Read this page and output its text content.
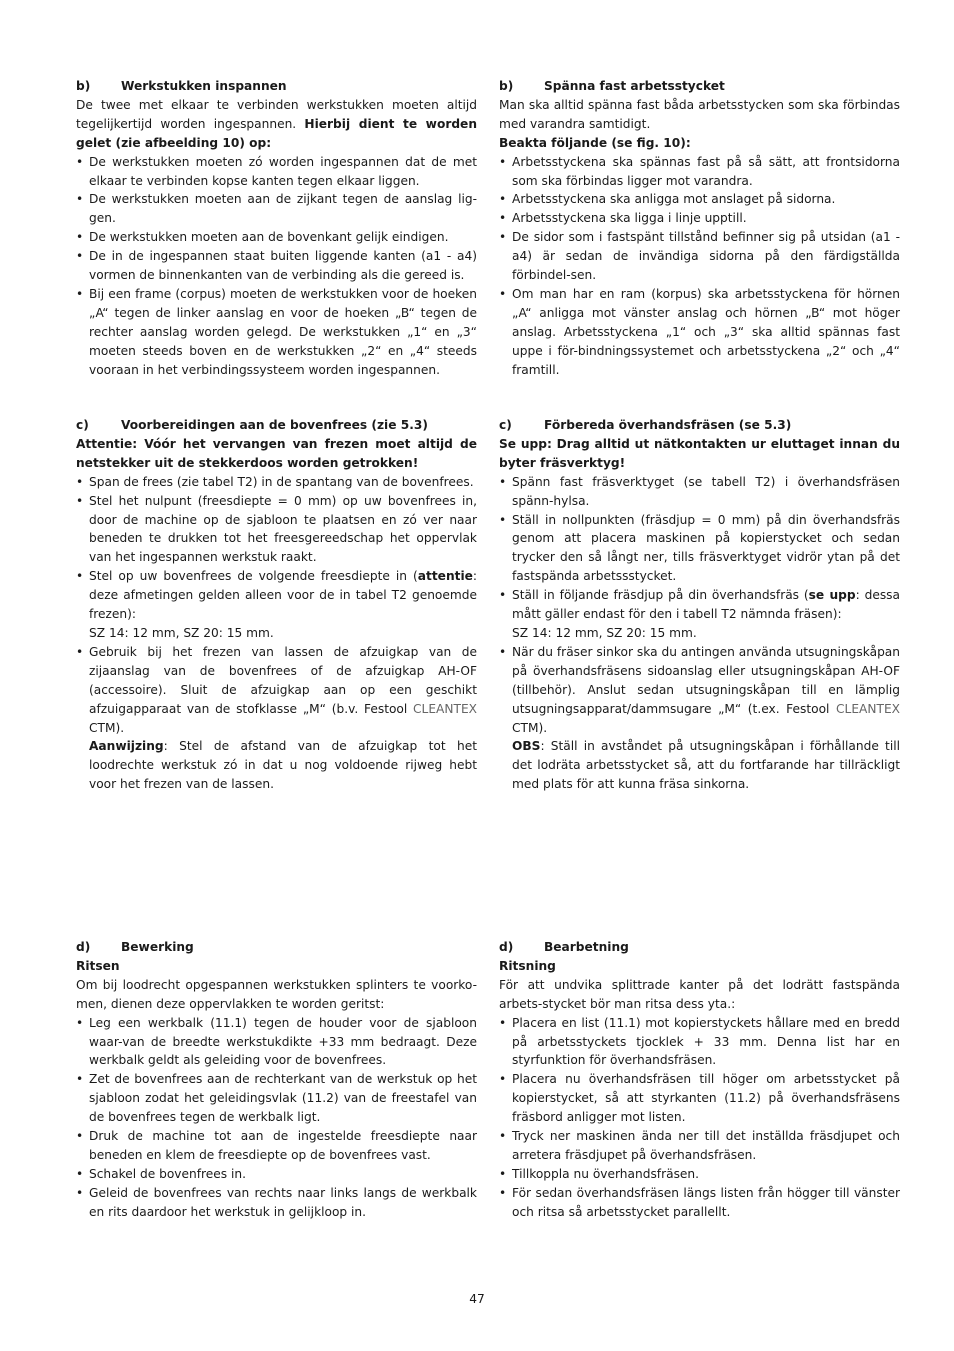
b)	Werkstukken inspannen

De twee met elkaar te verbinden werkstukken moeten altijd tegelijkertijd worden ingespannen. Hierbij dient te worden gelet (zie afbeelding 10) op:

• De werkstukken moeten zó worden ingespannen dat de met elkaar te verbinden kopse kanten tegen elkaar liggen.
• De werkstukken moeten aan de zijkant tegen de aanslag lig-gen.
• De werkstukken moeten aan de bovenkant gelijk eindigen.
• De in de ingespannen staat buiten liggende kanten (a1 - a4) vormen de binnenkanten van de verbinding als die gereed is.
• Bij een frame (corpus) moeten de werkstukken voor de hoeken „A“ tegen de linker aanslag en voor de hoeken „B“ tegen de rechter aanslag worden gelegd. De werkstukken „1“ en „3“ moeten steeds boven en de werkstukken „2“ en „4“ steeds vooraan in het verbindingssysteem worden ingespannen.

b)	Spänna fast arbetsstycket

Man ska alltid spänna fast båda arbetsstycken som ska förbindas med varandra samtidigt.

Beakta följande (se fig. 10):

• Arbetsstyckena ska spännas fast på så sätt, att frontsidorna som ska förbindas ligger mot varandra.
• Arbetsstyckena ska anligga mot anslaget på sidorna.
• Arbetsstyckena ska ligga i linje upptill.
• De sidor som i fastspänt tillstånd befinner sig på utsidan (a1 - a4) är sedan de invändiga sidorna på den färdigställda förbindel-sen.
• Om man har en ram (korpus) ska arbetsstyckena för hörnen „A“ anligga mot vänster anslag och hörnen „B“ mot höger anslag. Arbetsstyckena „1“ och „3“ ska alltid spännas fast uppe i för-bindningssystemet och arbetsstyckena „2“ och „4“ framtill.

c)	Voorbereidingen aan de bovenfrees (zie 5.3)

Attentie: Vóór het vervangen van frezen moet altijd de netstekker uit de stekkerdoos worden getrokken!

• Span de frees (zie tabel T2) in de spantang van de bovenfrees.
• Stel het nulpunt (freesdiepte = 0 mm) op uw bovenfrees in, door de machine op de sjabloon te plaatsen en zó ver naar beneden te drukken tot het freesgereedschap het oppervlak van het ingespannen werkstuk raakt.
• Stel op uw bovenfrees de volgende freesdiepte in (attentie: deze afmetingen gelden alleen voor de in tabel T2 genoemde frezen):
SZ 14: 12 mm, SZ 20: 15 mm.
• Gebruik bij het frezen van lassen de afzuigkap van de zijaanslag van de bovenfrees of de afzuigkap AH-OF (accessoire). Sluit de afzuigkap aan op een geschikt afzuigapparaat van de stofklasse „M“ (b.v. Festool CLEANTEX CTM).

Aanwijzing: Stel de afstand van de afzuigkap tot het loodrechte werkstuk zó in dat u nog voldoende rijweg hebt voor het frezen van de lassen.

c)	Förbereda överhandsfräsen (se 5.3)

Se upp: Drag alltid ut nätkontakten ur eluttaget innan du byter fräsverktyg!

• Spänn fast fräsverktyget (se tabell T2) i överhandsfräsen spänn-hylsa.
• Ställ in nollpunkten (fräsdjup = 0 mm) på din överhandsfräs genom att placera maskinen på kopierstycket och sedan trycker den så långt ner, tills fräsverktyget vidrör ytan på det fastspända arbetssstycket.
• Ställ in följande fräsdjup på din överhandsfräs (se upp: dessa mått gäller endast för den i tabell T2 nämnda fräsen):
SZ 14: 12 mm, SZ 20: 15 mm.
• När du fräser sinkor ska du antingen använda utsugningskåpan på överhandsfräsens sidoanslag eller utsugningskåpan AH-OF (tillbehör). Anslut sedan utsugningskåpan till en lämplig utsugningsapparat/dammsugare „M“ (t.ex. Festool CLEANTEX CTM).

OBS: Ställ in avståndet på utsugningskåpan i förhållande till det lodräta arbetsstycket så, att du fortfarande har tillräckligt med plats för att kunna fräsa sinkorna.

d)	Bewerking

Ritsen

Om bij loodrecht opgespannen werkstukken splinters te voorko-men, dienen deze oppervlakken te worden geritst:

• Leg een werkbalk (11.1) tegen de houder voor de sjabloon waar-van de breedte werkstukdikte +33 mm bedraagt. Deze werkbalk geldt als geleiding voor de bovenfrees.
• Zet de bovenfrees aan de rechterkant van de werkstuk op het sjabloon zodat het geleidingsvlak (11.2) van de freestafel van de bovenfrees tegen de werkbalk ligt.
• Druk de machine tot aan de ingestelde freesdiepte naar beneden en klem de freesdiepte op de bovenfrees vast.
• Schakel de bovenfrees in.
• Geleid de bovenfrees van rechts naar links langs de werkbalk en rits daardoor het werkstuk in gelijkloop in.

d)	Bearbetning

Ritsning

För att undvika splittrade kanter på det lodrätt fastspända arbets-stycket bör man ritsa dess yta.:

• Placera en list (11.1) mot kopierstyckets hållare med en bredd på arbetsstyckets tjocklek + 33 mm. Denna list har en styrfunktion för överhandsfräsen.
• Placera nu överhandsfräsen till höger om arbetsstycket på kopierstycket, så att styrkanten (11.2) på överhandsfräsens fräsbord anligger mot listen.
• Tryck ner maskinen ända ner till det inställda fräsdjupet och arretera fräsdjupet på överhandsfräsen.
• Tillkoppla nu överhandsfräsen.
• För sedan överhandsfräsen längs listen från högger till vänster och ritsa så arbetsstycket parallellt.
47
